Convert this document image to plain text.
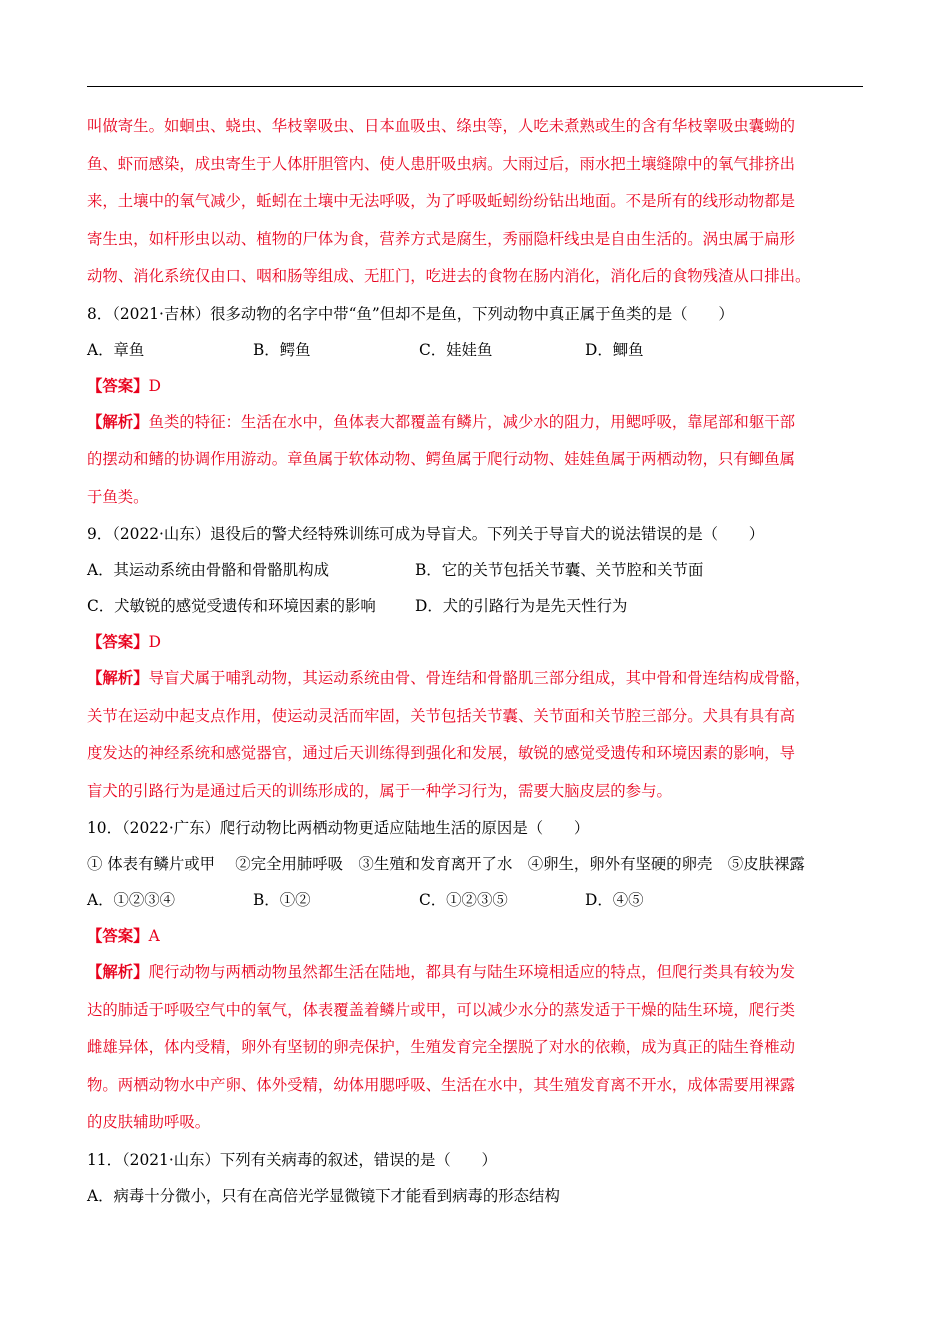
叫做寄生。如蛔虫、蛲虫、华枝睾吸虫、日本血吸虫、绦虫等，人吃未煮熟或生的含有华枝睾吸虫囊蚴的
鱼、虾而感染，成虫寄生于人体肝胆管内、使人患肝吸虫病。大雨过后，雨水把土壤缝隙中的氧气排挤出
来，土壤中的氧气减少，蚯蚓在土壤中无法呼吸，为了呼吸蚯蚓纷纷钻出地面。不是所有的线形动物都是
寄生虫，如杆形虫以动、植物的尸体为食，营养方式是腐生，秀丽隐杆线虫是自由生活的。涡虫属于扁形
动物、消化系统仅由口、咽和肠等组成、无肛门，吃进去的食物在肠内消化，消化后的食物残渣从口排出。
8．（2021·吉林）很多动物的名字中带“鱼”但却不是鱼，下列动物中真正属于鱼类的是（　　）
A．章鱼	B．鳄鱼	C．娃娃鱼	D．鲫鱼
【答案】D
【解析】鱼类的特征：生活在水中，鱼体表大都覆盖有鳞片，减少水的阻力，用鳃呼吸，靠尾部和躯干部
的摆动和鳍的协调作用游动。章鱼属于软体动物、鳄鱼属于爬行动物、娃娃鱼属于两栖动物，只有鲫鱼属
于鱼类。
9．（2022·山东）退役后的警犬经特殊训练可成为导盲犬。下列关于导盲犬的说法错误的是（　　）
A．其运动系统由骨骼和骨骼肌构成	B．它的关节包括关节囊、关节腔和关节面
C．犬敏锐的感觉受遗传和环境因素的影响	D．犬的引路行为是先天性行为
【答案】D
【解析】导盲犬属于哺乳动物，其运动系统由骨、骨连结和骨骼肌三部分组成，其中骨和骨连结构成骨骼，
关节在运动中起支点作用，使运动灵活而牢固，关节包括关节囊、关节面和关节腔三部分。犬具有具有高
度发达的神经系统和感觉器官，通过后天训练得到强化和发展，敏锐的感觉受遗传和环境因素的影响，导
盲犬的引路行为是通过后天的训练形成的，属于一种学习行为，需要大脑皮层的参与。
10．（2022·广东）爬行动物比两栖动物更适应陆地生活的原因是（　　）
① 体表有鳞片或甲　 ②完全用肺呼吸　③生殖和发育离开了水　④卵生，卵外有坚硬的卵壳　⑤皮肤裸露
A．①②③④	B．①②	C．①②③⑤	D．④⑤
【答案】A
【解析】爬行动物与两栖动物虽然都生活在陆地，都具有与陆生环境相适应的特点，但爬行类具有较为发
达的肺适于呼吸空气中的氧气，体表覆盖着鳞片或甲，可以减少水分的蒸发适于干燥的陆生环境，爬行类
雌雄异体，体内受精，卵外有坚韧的卵壳保护，生殖发育完全摆脱了对水的依赖，成为真正的陆生脊椎动
物。两栖动物水中产卵、体外受精，幼体用腮呼吸、生活在水中，其生殖发育离不开水，成体需要用裸露
的皮肤辅助呼吸。
11．（2021·山东）下列有关病毒的叙述，错误的是（　　）
A．病毒十分微小，只有在高倍光学显微镜下才能看到病毒的形态结构
